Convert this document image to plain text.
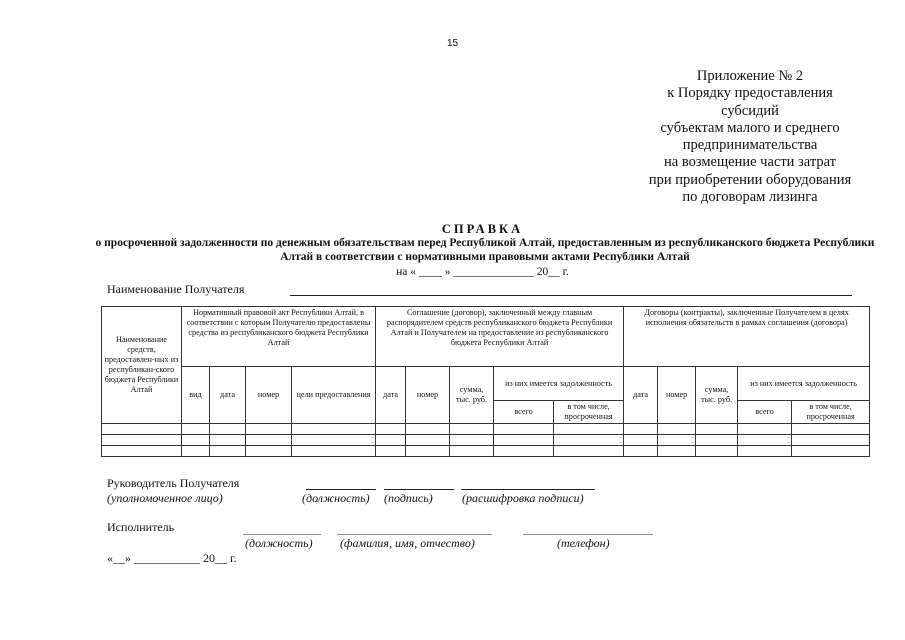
15
Приложение № 2
к Порядку предоставления
субсидий
субъектам малого и среднего
предпринимательства
на возмещение части затрат
при приобретении оборудования
по договорам лизинга
СПРАВКА
о просроченной задолженности по денежным обязательствам перед Республикой Алтай, предоставленным из республиканского бюджета Республики Алтай в соответствии с нормативными правовыми актами Республики Алтай
на « ____ » ______________ 20__ г.
Наименование Получателя
Наименование средств, предоставлен-ных из республикан-ского бюджета Республики Алтай	Нормативный правовой акт Республики Алтай, в соответствии с которым Получателю предоставлены средства из республиканского бюджета Республики Алтай				Соглашение (договор), заключенный между главным распорядителем средств республиканского бюджета Республики Алтай и Получателем на предоставление из республиканского бюджета Республики Алтай					Договоры (контракты), заключенные Получателем в целях исполнения обязательств в рамках соглашения (договора)				
	вид	дата	номер	цели предоставления	дата	номер	сумма, тыс. руб.	из них имеется задолженность		дата	номер	сумма, тыс. руб.	из них имеется задолженность	
								всего	в том числе, просроченная				всего	в том числе, просроченная

Руководитель Получателя
(уполномоченное лицо)	(должность) (подпись) (расшифровка подписи)
Исполнитель
(должность) (фамилия, имя, отчество)	(телефон)
«__» ___________ 20__ г.
